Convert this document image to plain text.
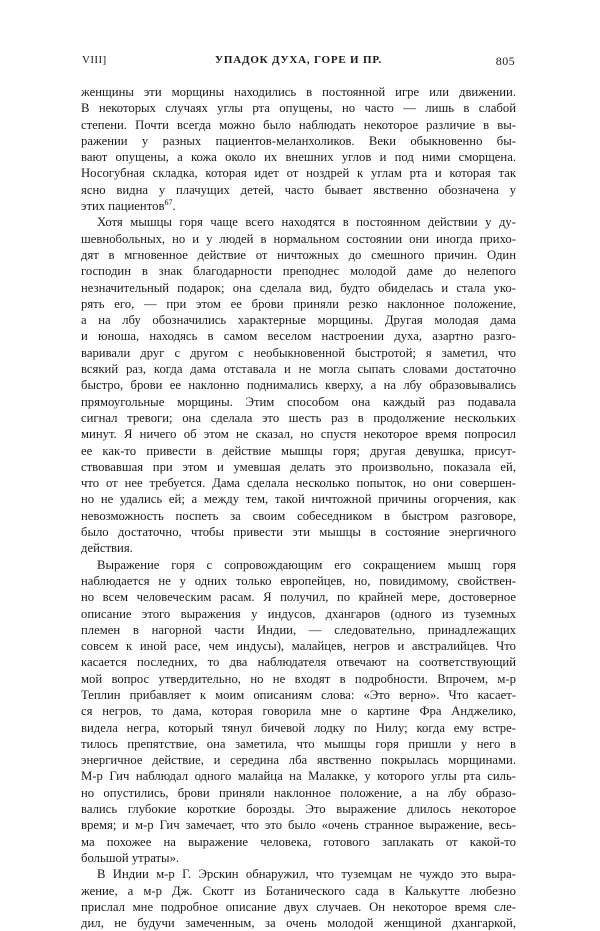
VIII]	УПАДОК ДУХА, ГОРЕ И ПР.	805
женщины эти морщины находились в постоянной игре или движении.
В некоторых случаях углы рта опущены, но часто — лишь в слабой
степени. Почти всегда можно было наблюдать некоторое различие в вы-
ражении у разных пациентов-меланхоликов. Веки обыкновенно бы-
вают опущены, а кожа около их внешних углов и под ними сморщена.
Носогубная складка, которая идет от ноздрей к углам рта и которая так
ясно видна у плачущих детей, часто бывает явственно обозначена у
этих пациентов$^{67}$.
Хотя мышцы горя чаще всего находятся в постоянном действии у ду-
шевнобольных, но и у людей в нормальном состоянии они иногда прихо-
дят в мгновенное действие от ничтожных до смешного причин. Один
господин в знак благодарности преподнес молодой даме до нелепого
незначительный подарок; она сделала вид, будто обиделась и стала уко-
рять его, — при этом ее брови приняли резко наклонное положение,
а на лбу обозначились характерные морщины. Другая молодая дама
и юноша, находясь в самом веселом настроении духа, азартно разго-
варивали друг с другом с необыкновенной быстротой; я заметил, что
всякий раз, когда дама отставала и не могла сыпать словами достаточно
быстро, брови ее наклонно поднимались кверху, а на лбу образовывались
прямоугольные морщины. Этим способом она каждый раз подавала
сигнал тревоги; она сделала это шесть раз в продолжение нескольких
минут. Я ничего об этом не сказал, но спустя некоторое время попросил
ее как-то привести в действие мышцы горя; другая девушка, присут-
ствовавшая при этом и умевшая делать это произвольно, показала ей,
что от нее требуется. Дама сделала несколько попыток, но они совершен-
но не удались ей; а между тем, такой ничтожной причины огорчения, как
невозможность поспеть за своим собеседником в быстром разговоре,
было достаточно, чтобы привести эти мышцы в состояние энергичного
действия.
Выражение горя с сопровождающим его сокращением мышц горя
наблюдается не у одних только европейцев, но, повидимому, свойствен-
но всем человеческим расам. Я получил, по крайней мере, достоверное
описание этого выражения у индусов, дхангаров (одного из туземных
племен в нагорной части Индии, — следовательно, принадлежащих
совсем к иной расе, чем индусы), малайцев, негров и австралийцев. Что
касается последних, то два наблюдателя отвечают на соответствующий
мой вопрос утвердительно, но не входят в подробности. Впрочем, м-р
Теплин прибавляет к моим описаниям слова: «Это верно». Что касает-
ся негров, то дама, которая говорила мне о картине Фра Анджелико,
видела негра, который тянул бичевой лодку по Нилу; когда ему встре-
тилось препятствие, она заметила, что мышцы горя пришли у него в
энергичное действие, и середина лба явственно покрылась морщинами.
М-р Гич наблюдал одного малайца на Малакке, у которого углы рта силь-
но опустились, брови приняли наклонное положение, а на лбу образо-
вались глубокие короткие борозды. Это выражение длилось некоторое
время; и м-р Гич замечает, что это было «очень странное выражение, весь-
ма похожее на выражение человека, готового заплакать от какой-то
большой утраты».
В Индии м-р Г. Эрскин обнаружил, что туземцам не чуждо это выра-
жение, а м-р Дж. Скотт из Ботанического сада в Калькутте любезно
прислал мне подробное описание двух случаев. Он некоторое время сле-
дил, не будучи замеченным, за очень молодой женщиной дхангаркой,
